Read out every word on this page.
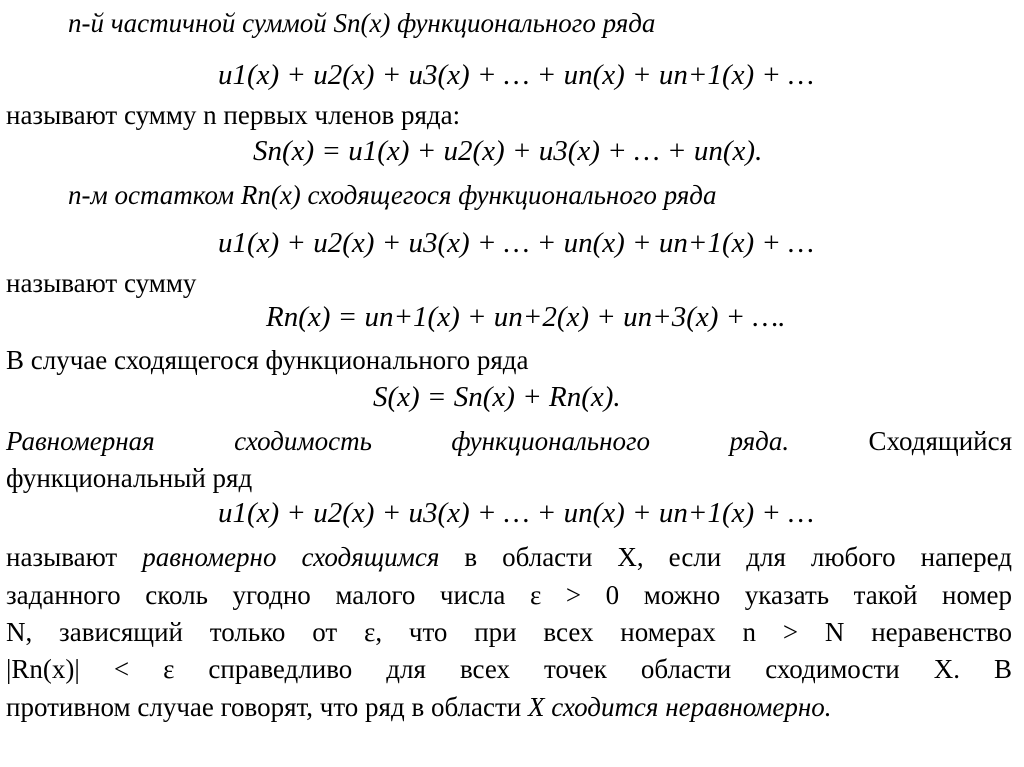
n-й частичной суммой Sn(x) функционального ряда
u1(x) + u2(x) + u3(x) + … + un(x) + un+1(x) + …
называют сумму n первых членов ряда:
Sn(x) = u1(x) + u2(x) + u3(x) + … + un(x).
n-м остатком Rn(x) сходящегося функционального ряда
u1(x) + u2(x) + u3(x) + … + un(x) + un+1(x) + …
называют сумму
Rn(x) = un+1(x) + un+2(x) + un+3(x) + ….
В случае сходящегося функционального ряда
S(x) = Sn(x) + Rn(x).
Равномерная сходимость функционального ряда.	Сходящийся
функциональный ряд
u1(x) + u2(x) + u3(x) + … + un(x) + un+1(x) + …
называют равномерно сходящимся в области X, если для любого наперед
заданного сколь угодно малого числа ε > 0 можно указать такой номер
N, зависящий только от ε, что при всех номерах n > N неравенство
|Rn(x)| < ε справедливо для всех точек области сходимости X. В
противном случае говорят, что ряд в области X сходится неравномерно.
